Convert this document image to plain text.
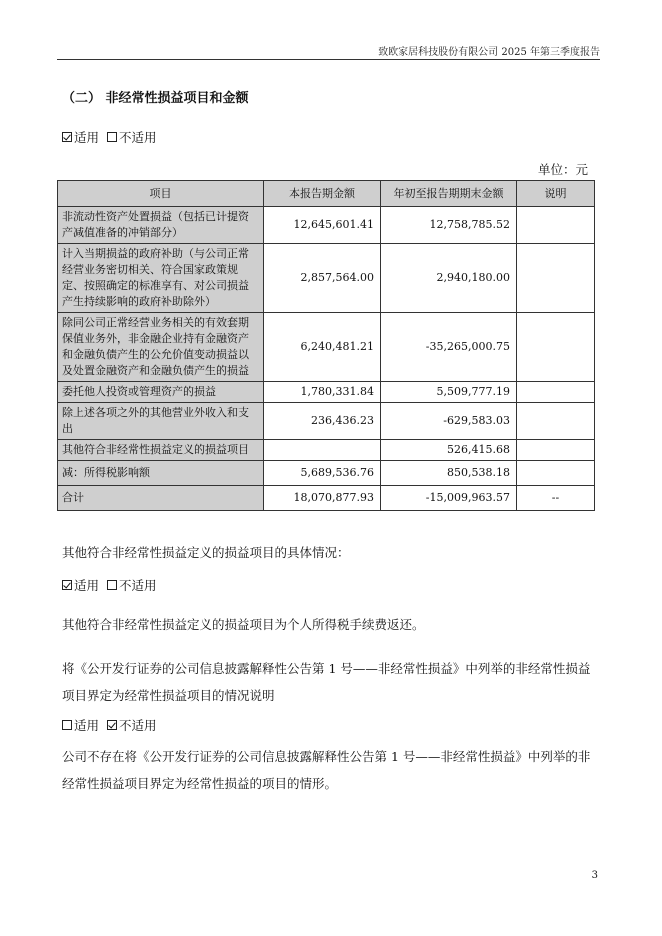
致欧家居科技股份有限公司 2025 年第三季度报告
（二） 非经常性损益项目和金额
适用 不适用
单位：元
项目	本报告期金额	年初至报告期期末金额	说明
非流动性资产处置损益（包括已计提资产减值准备的冲销部分）	12,645,601.41	12,758,785.52	
计入当期损益的政府补助（与公司正常经营业务密切相关、符合国家政策规定、按照确定的标准享有、对公司损益产生持续影响的政府补助除外）	2,857,564.00	2,940,180.00	
除同公司正常经营业务相关的有效套期保值业务外，非金融企业持有金融资产和金融负债产生的公允价值变动损益以及处置金融资产和金融负债产生的损益	6,240,481.21	-35,265,000.75	
委托他人投资或管理资产的损益	1,780,331.84	5,509,777.19	
除上述各项之外的其他营业外收入和支出	236,436.23	-629,583.03	
其他符合非经常性损益定义的损益项目		526,415.68	
减：所得税影响额	5,689,536.76	850,538.18	
合计	18,070,877.93	-15,009,963.57	--
其他符合非经常性损益定义的损益项目的具体情况：
适用 不适用
其他符合非经常性损益定义的损益项目为个人所得税手续费返还。
将《公开发行证券的公司信息披露解释性公告第 1 号——非经常性损益》中列举的非经常性损益项目界定为经常性损益项目的情况说明
适用 不适用
公司不存在将《公开发行证券的公司信息披露解释性公告第 1 号——非经常性损益》中列举的非经常性损益项目界定为经常性损益的项目的情形。
3
